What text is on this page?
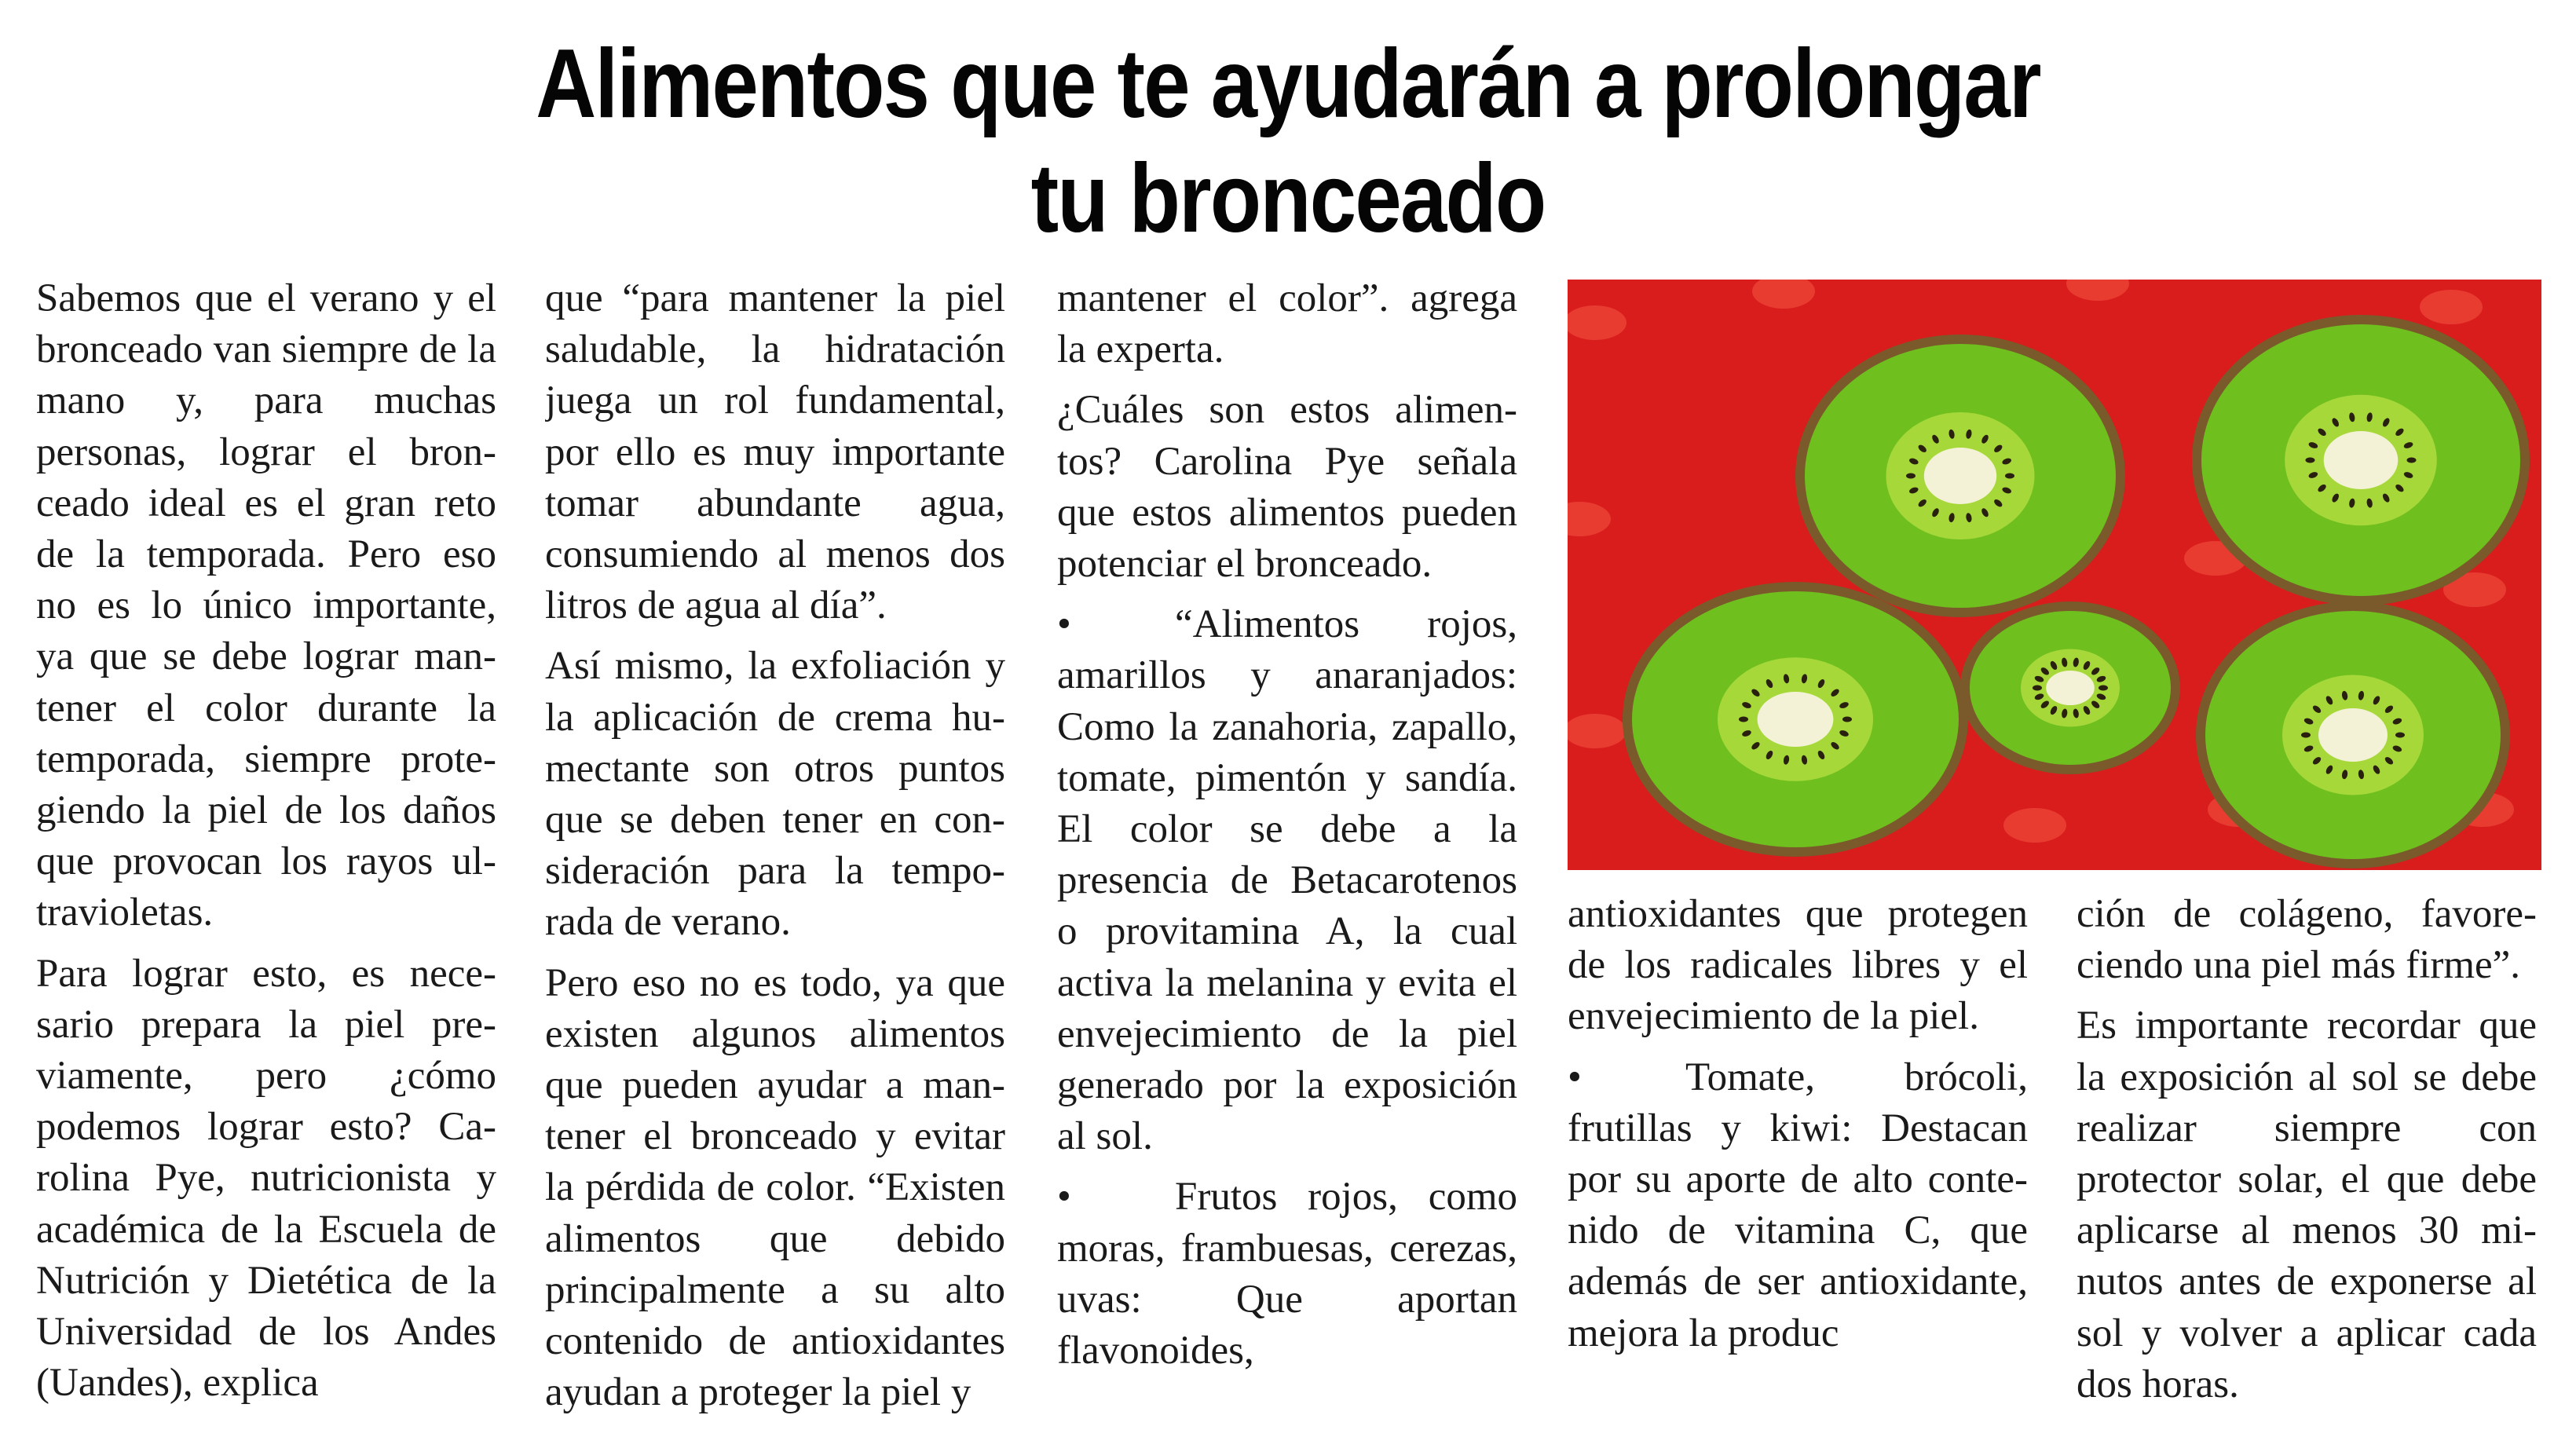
Alimentos que te ayudarán a prolongar
tu bronceado

Sabemos que el verano y el bronceado van siempre de la mano y, para muchas personas, lograr el bronceado ideal es el gran reto de la temporada. Pero eso no es lo único importante, ya que se debe lograr mantener el color durante la temporada, siempre protegiendo la piel de los daños que provocan los rayos ultravioletas.

Para lograr esto, es necesario prepara la piel previamente, pero ¿cómo podemos lograr esto? Carolina Pye, nutricionista y académica de la Escuela de Nutrición y Dietética de la Universidad de los Andes (Uandes), explica

que “para mantener la piel saludable, la hidratación juega un rol fundamental, por ello es muy importante tomar abundante agua, consumiendo al menos dos litros de agua al día”.

Así mismo, la exfoliación y la aplicación de crema humectante son otros puntos que se deben tener en consideración para la temporada de verano.

Pero eso no es todo, ya que existen algunos alimentos que pueden ayudar a mantener el bronceado y evitar la pérdida de color. “Existen alimentos que debido principalmente a su alto contenido de antioxidantes ayudan a proteger la piel y

mantener el color”. agrega la experta.

¿Cuáles son estos alimentos? Carolina Pye señala que estos alimentos pueden potenciar el bronceado.

•	“Alimentos rojos, amarillos y anaranjados: Como la zanahoria, zapallo, tomate, pimentón y sandía. El color se debe a la presencia de Betacarotenos o provitamina A, la cual activa la melanina y evita el envejecimiento de la piel generado por la exposición al sol.

•	Frutos rojos, como moras, frambuesas, cerezas, uvas: Que aportan flavonoides,

antioxidantes que protegen de los radicales libres y el envejecimiento de la piel.

•	Tomate, brócoli, frutillas y kiwi: Destacan por su aporte de alto contenido de vitamina C, que además de ser antioxidante, mejora la produc

ción de colágeno, favoreciendo una piel más firme”.

Es importante recordar que la exposición al sol se debe realizar siempre con protector solar, el que debe aplicarse al menos 30 minutos antes de exponerse al sol y volver a aplicar cada dos horas.
